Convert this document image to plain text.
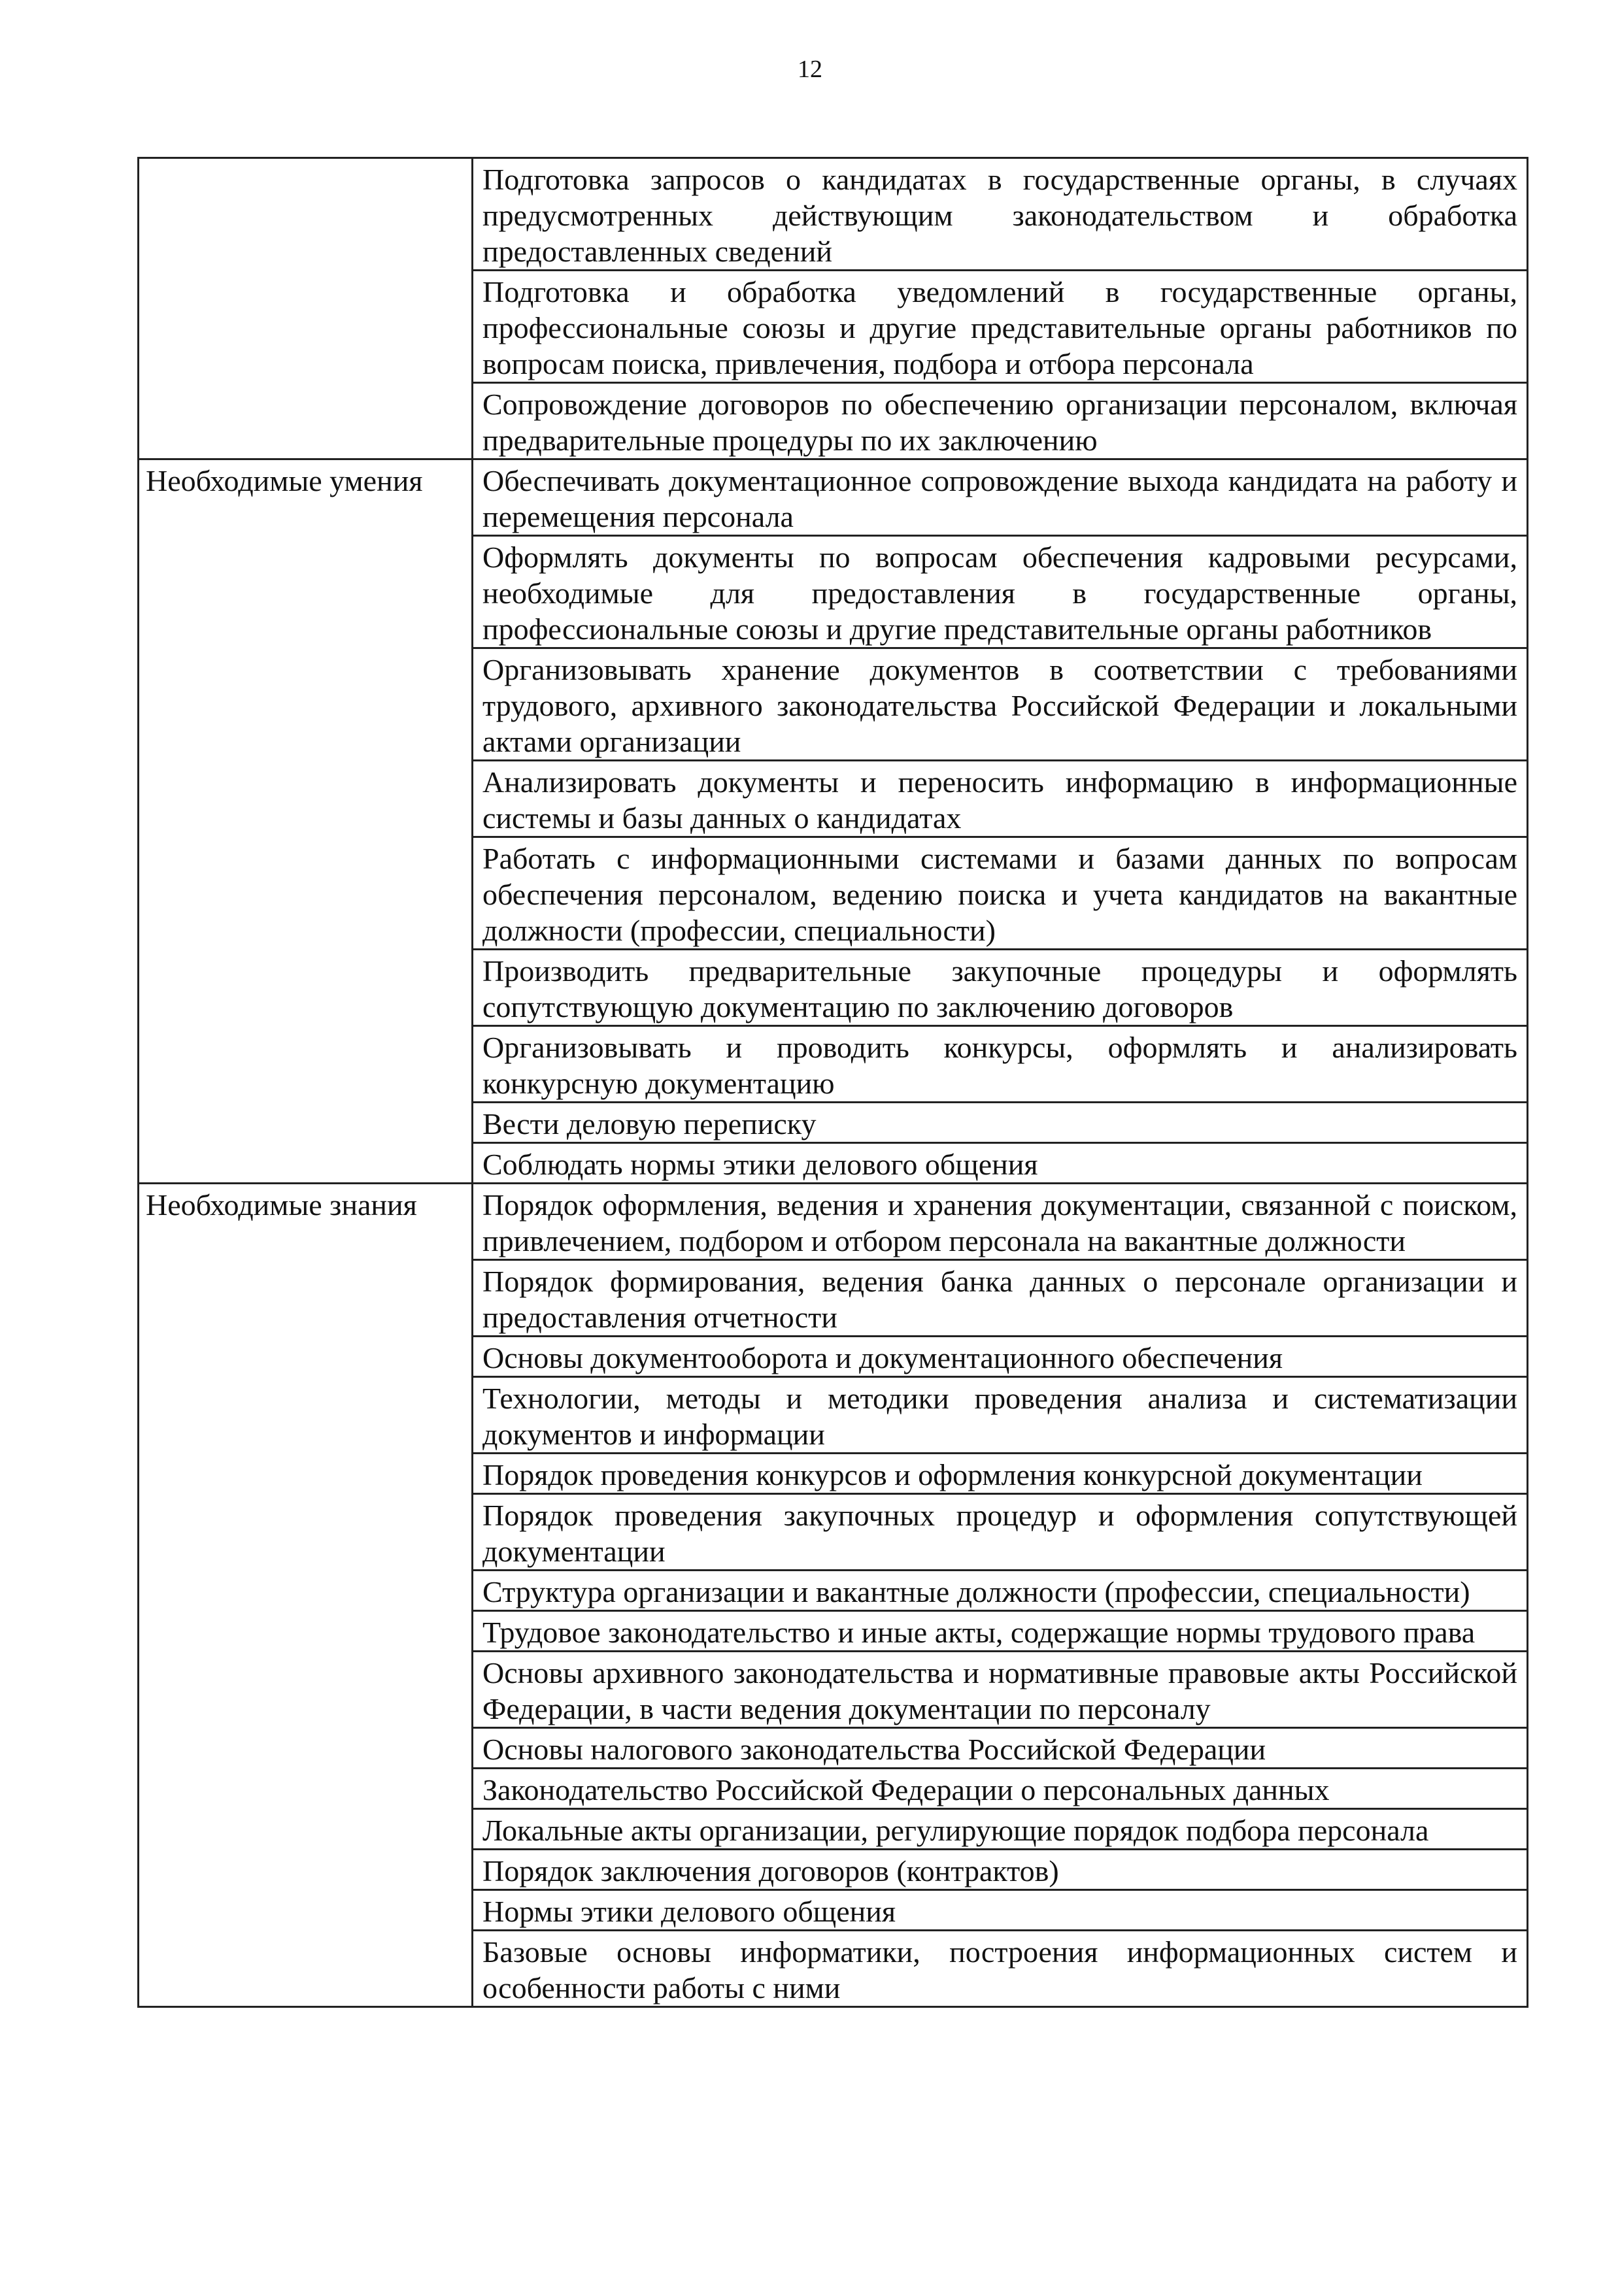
12
	Подготовка запросов о кандидатах в государственные органы, в случаях предусмотренных действующим законодательством и обработка предоставленных сведений
	Подготовка и обработка уведомлений в государственные органы, профессиональные союзы и другие представительные органы работников по вопросам поиска, привлечения, подбора и отбора персонала
	Сопровождение договоров по обеспечению организации персоналом, включая предварительные процедуры по их заключению
Необходимые умения	Обеспечивать документационное сопровождение выхода кандидата на работу и перемещения персонала
	Оформлять документы по вопросам обеспечения кадровыми ресурсами, необходимые для предоставления в государственные органы, профессиональные союзы и другие представительные органы работников
	Организовывать хранение документов в соответствии с требованиями трудового, архивного законодательства Российской Федерации и локальными актами организации
	Анализировать документы и переносить информацию в информационные системы и базы данных о кандидатах
	Работать с информационными системами и базами данных по вопросам обеспечения персоналом, ведению поиска и учета кандидатов на вакантные должности (профессии, специальности)
	Производить предварительные закупочные процедуры и оформлять сопутствующую документацию по заключению договоров
	Организовывать и проводить конкурсы, оформлять и анализировать конкурсную документацию
	Вести деловую переписку
	Соблюдать нормы этики делового общения
Необходимые знания	Порядок оформления, ведения и хранения документации, связанной с поиском, привлечением, подбором и отбором персонала на вакантные должности
	Порядок формирования, ведения банка данных о персонале организации и предоставления отчетности
	Основы документооборота и документационного обеспечения
	Технологии, методы и методики проведения анализа и систематизации документов и информации
	Порядок проведения конкурсов и оформления конкурсной документации
	Порядок проведения закупочных процедур и оформления сопутствующей документации
	Структура организации и вакантные должности (профессии, специальности)
	Трудовое законодательство и иные акты, содержащие нормы трудового права
	Основы архивного законодательства и нормативные правовые акты Российской Федерации, в части ведения документации по персоналу
	Основы налогового законодательства Российской Федерации
	Законодательство Российской Федерации о персональных данных
	Локальные акты организации, регулирующие порядок подбора персонала
	Порядок заключения договоров (контрактов)
	Нормы этики делового общения
	Базовые основы информатики, построения информационных систем и особенности работы с ними
